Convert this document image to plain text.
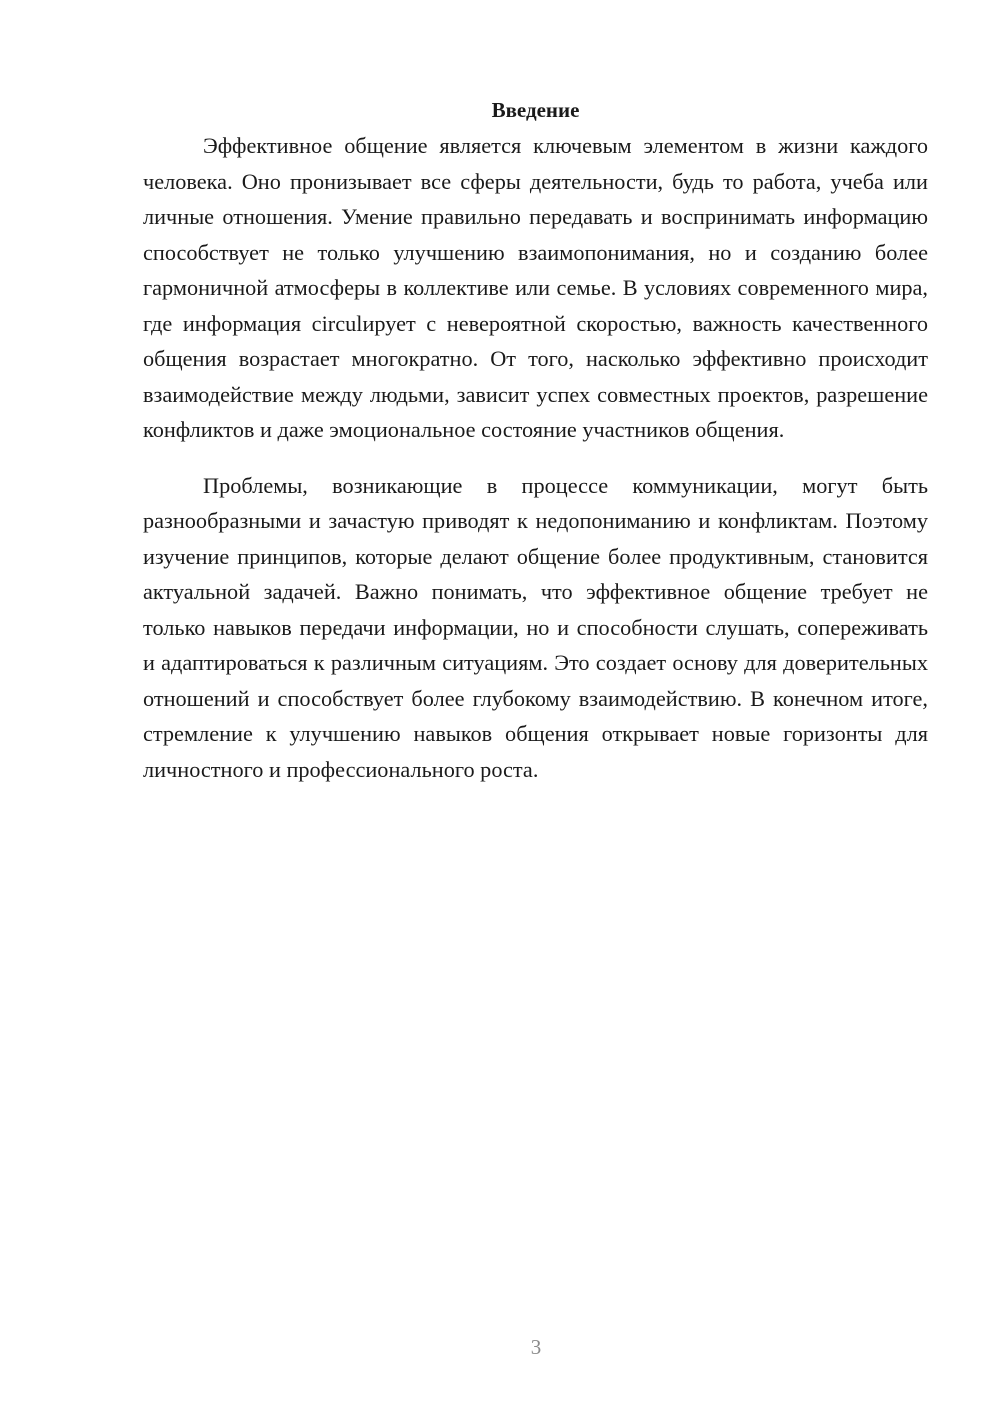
Введение

Эффективное общение является ключевым элементом в жизни каждого человека. Оно пронизывает все сферы деятельности, будь то работа, учеба или личные отношения. Умение правильно передавать и воспринимать информацию способствует не только улучшению взаимопонимания, но и созданию более гармоничной атмосферы в коллективе или семье. В условиях современного мира, где информация circulирует с невероятной скоростью, важность качественного общения возрастает многократно. От того, насколько эффективно происходит взаимодействие между людьми, зависит успех совместных проектов, разрешение конфликтов и даже эмоциональное состояние участников общения.

Проблемы, возникающие в процессе коммуникации, могут быть разнообразными и зачастую приводят к недопониманию и конфликтам. Поэтому изучение принципов, которые делают общение более продуктивным, становится актуальной задачей. Важно понимать, что эффективное общение требует не только навыков передачи информации, но и способности слушать, сопереживать и адаптироваться к различным ситуациям. Это создает основу для доверительных отношений и способствует более глубокому взаимодействию. В конечном итоге, стремление к улучшению навыков общения открывает новые горизонты для личностного и профессионального роста.

3
